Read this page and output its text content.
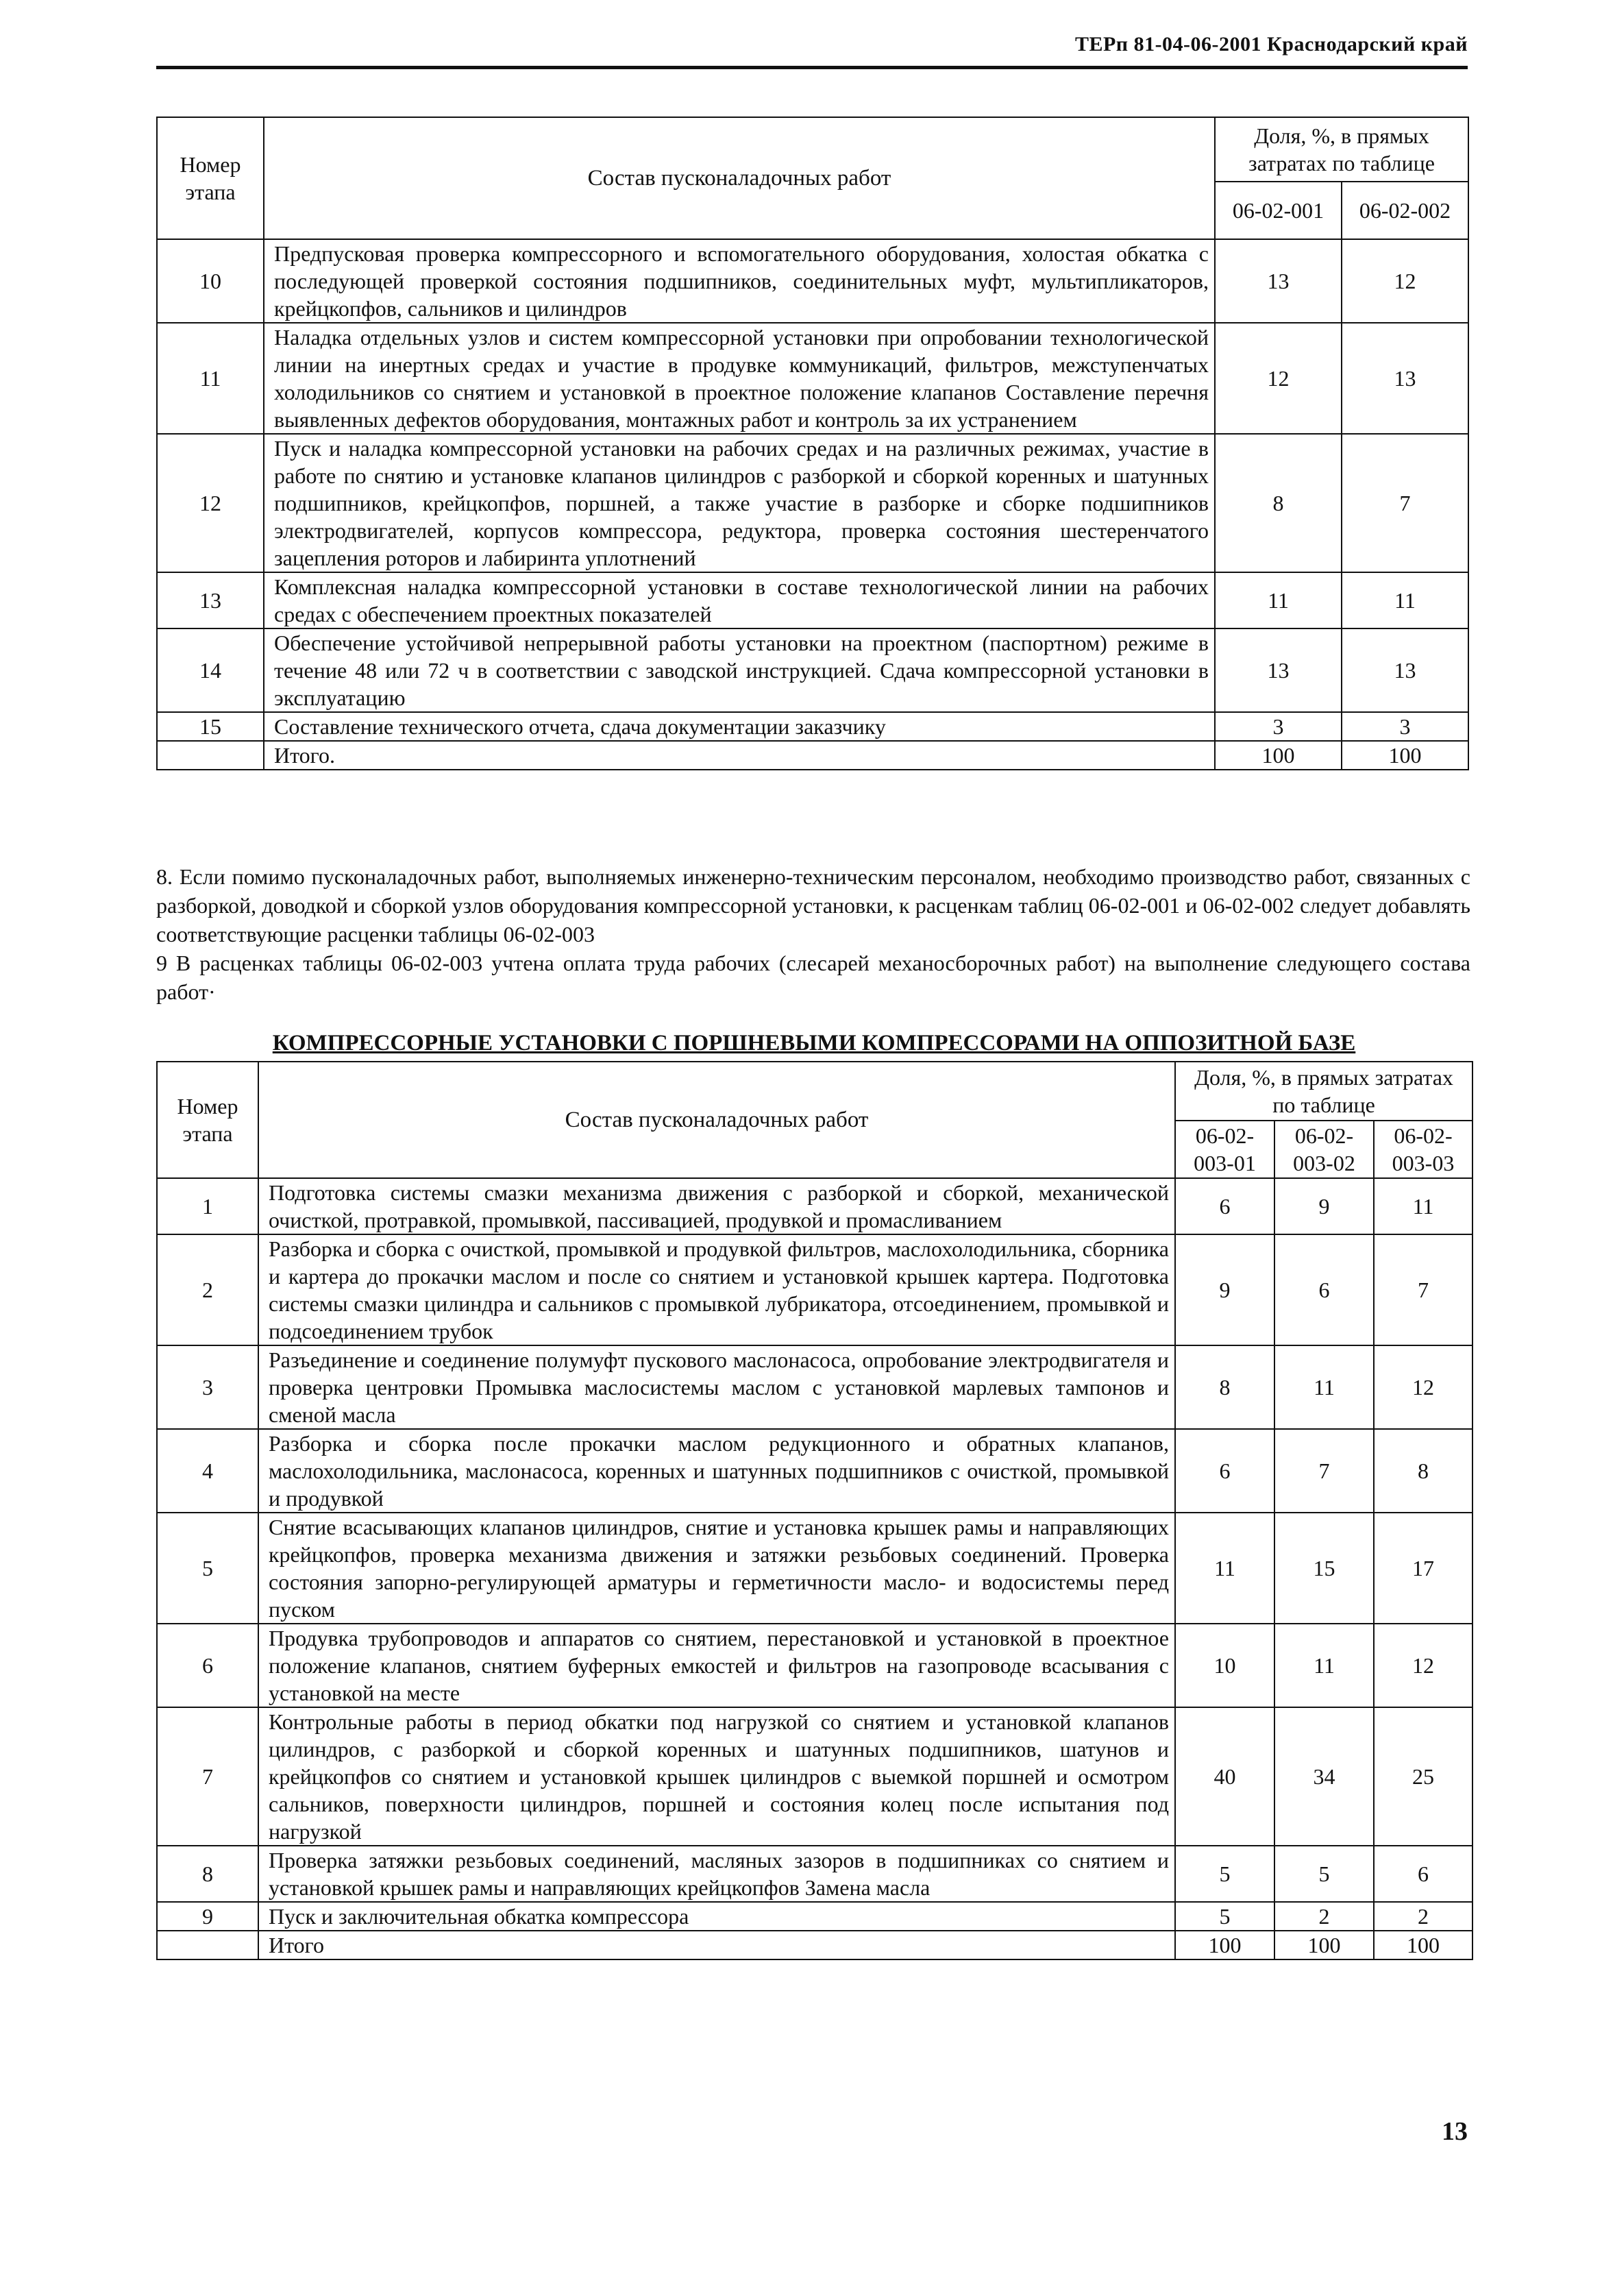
ТЕРп 81-04-06-2001 Краснодарский край
Номер этапа	Состав пусконаладочных работ	Доля, %, в прямых затратах по таблице	
		06-02-001	06-02-002
10	Предпусковая проверка компрессорного и вспомогательного оборудования, холостая обкатка с последующей проверкой состояния подшипников, соединительных муфт, мультипликаторов, крейцкопфов, сальников и цилиндров	13	12
11	Наладка отдельных узлов и систем компрессорной установки при опробовании технологической линии на инертных средах и участие в продувке коммуникаций, фильтров, межступенчатых холодильников со снятием и установкой в проектное положение клапанов Составление перечня выявленных дефектов оборудования, монтажных работ и контроль за их устранением	12	13
12	Пуск и наладка компрессорной установки на рабочих средах и на различных режимах, участие в работе по снятию и установке клапанов цилиндров с разборкой и сборкой коренных и шатунных подшипников, крейцкопфов, поршней, а также участие в разборке и сборке подшипников электродвигателей, корпусов компрессора, редуктора, проверка состояния шестеренчатого зацепления роторов и лабиринта уплотнений	8	7
13	Комплексная наладка компрессорной установки в составе технологической линии на рабочих средах с обеспечением проектных показателей	11	11
14	Обеспечение устойчивой непрерывной работы установки на проектном (паспортном) режиме в течение 48 или 72 ч в соответствии с заводской инструкцией. Сдача компрессорной установки в эксплуатацию	13	13
15	Составление технического отчета, сдача документации заказчику	3	3
	Итого.	100	100

8. Если помимо пусконаладочных работ, выполняемых инженерно-техническим персоналом, необходимо производство работ, связанных с разборкой, доводкой и сборкой узлов оборудования компрессорной установки, к расценкам таблиц 06-02-001 и 06-02-002 следует добавлять соответствующие расценки таблицы 06-02-003

9 В расценках таблицы 06-02-003 учтена оплата труда рабочих (слесарей механосборочных работ) на выполнение следующего состава работ·

КОМПРЕССОРНЫЕ УСТАНОВКИ С ПОРШНЕВЫМИ КОМПРЕССОРАМИ НА ОППОЗИТНОЙ БАЗЕ
Номер этапа	Состав пусконаладочных работ	Доля, %, в прямых затратах по таблице		
		06-02-003-01	06-02-003-02	06-02-003-03
1	Подготовка системы смазки механизма движения с разборкой и сборкой, механической очисткой, протравкой, промывкой, пассивацией, продувкой и промасливанием	6	9	11
2	Разборка и сборка с очисткой, промывкой и продувкой фильтров, маслохолодильника, сборника и картера до прокачки маслом и после со снятием и установкой крышек картера. Подготовка системы смазки цилиндра и сальников с промывкой лубрикатора, отсоединением, промывкой и подсоединением трубок	9	6	7
3	Разъединение и соединение полумуфт пускового маслонасоса, опробование электродвигателя и проверка центровки Промывка маслосистемы маслом с установкой марлевых тампонов и сменой масла	8	11	12
4	Разборка и сборка после прокачки маслом редукционного и обратных клапанов, маслохолодильника, маслонасоса, коренных и шатунных подшипников с очисткой, промывкой и продувкой	6	7	8
5	Снятие всасывающих клапанов цилиндров, снятие и установка крышек рамы и направляющих крейцкопфов, проверка механизма движения и затяжки резьбовых соединений. Проверка состояния запорно-регулирующей арматуры и герметичности масло- и водосистемы перед пуском	11	15	17
6	Продувка трубопроводов и аппаратов со снятием, перестановкой и установкой в проектное положение клапанов, снятием буферных емкостей и фильтров на газопроводе всасывания с установкой на месте	10	11	12
7	Контрольные работы в период обкатки под нагрузкой со снятием и установкой клапанов цилиндров, с разборкой и сборкой коренных и шатунных подшипников, шатунов и крейцкопфов со снятием и установкой крышек цилиндров с выемкой поршней и осмотром сальников, поверхности цилиндров, поршней и состояния колец после испытания под нагрузкой	40	34	25
8	Проверка затяжки резьбовых соединений, масляных зазоров в подшипниках со снятием и установкой крышек рамы и направляющих крейцкопфов Замена масла	5	5	6
9	Пуск и заключительная обкатка компрессора	5	2	2
	Итого	100	100	100
13
